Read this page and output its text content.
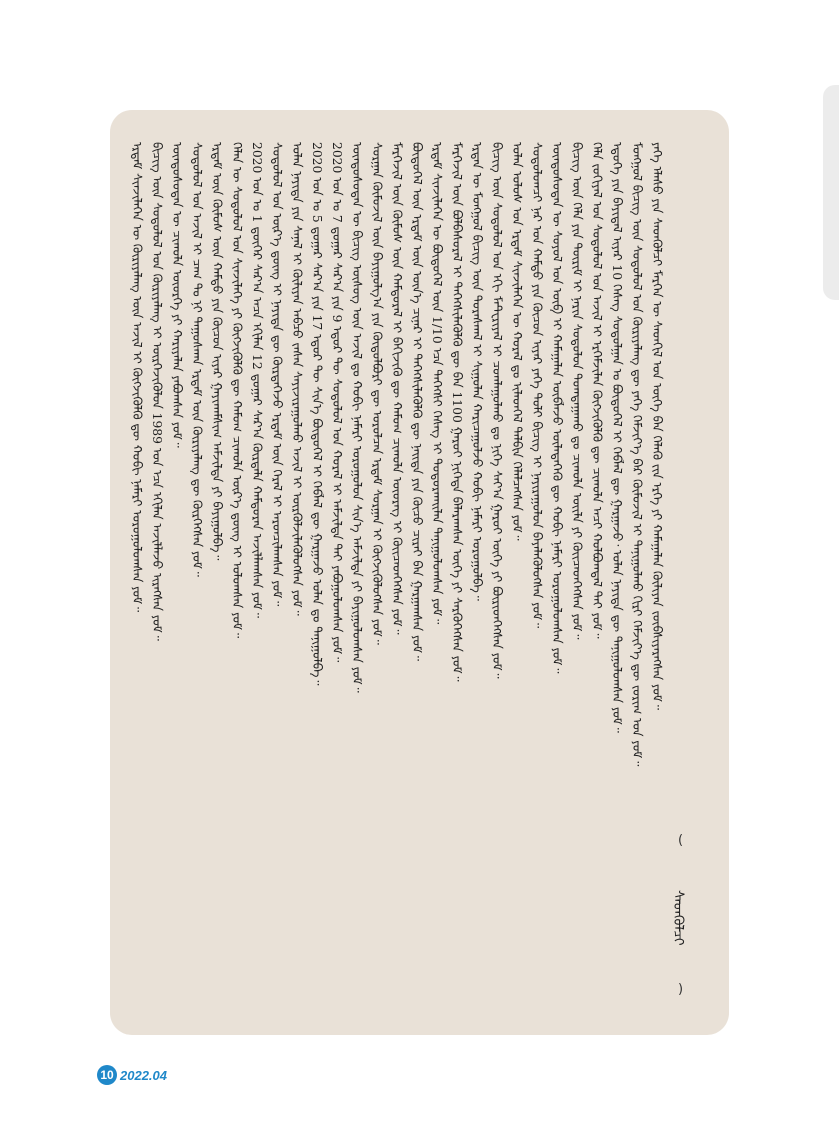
(
ᠰᠡᠳᠬᠦᠯᠴᠢ
)
ᠶᠡᠬᠡ ᠡᠯᠡᠰᠦ ᠶᠢᠨ ᠰᠡᠳᠬᠦᠯᠴᠢ ᠮᠡᠷᠭᠡᠨ ᠦ ᠰᠡᠳᠬᠢᠯ ᠤᠨ ᠦᠭᠡ ᠪᠠᠨ ᠬᠡᠯᠡᠬᠦ ᠵᠢᠨ ᠡᠷᠬᠡ ᠶᠢ ᠬᠠᠮᠠᠭᠠᠯᠠᠨ ᠬᠦᠯᠢᠶᠡᠨ ᠵᠥᠪᠰᠢᠶᠡᠷᠡᠭᠰᠡᠨ ᠶᠤᠮ᠃
ᠮᠣᠩᠭᠣᠯ ᠪᠢᠴᠢᠭ ᠦᠨ ᠰᠤᠳᠤᠯᠤᠯ ᠤᠨ ᠬᠦᠷᠢᠶᠡᠯᠡᠩ ᠳᠦ ᠶᠡᠬᠡ ᠬᠡᠮᠵᠢᠶ᠎ᠡ ᠪᠡᠷ ᠬᠦᠮᠦᠵᠢᠯ ᠢ ᠲᠠᠨᠢᠭᠤᠯᠬᠤ ᠬᠢᠷᠢ ᠬᠡᠮᠵᠢᠶ᠎ᠡ ᠳᠦ ᠵᠤᠷᠢᠭ ᠤᠨ ᠶᠤᠮ᠃
ᠡᠳᠦᠭᠡ ᠶᠢᠨ ᠪᠠᠶᠢᠳᠠᠯ ᠢᠶᠠᠷ 10 ᠬᠡᠰᠡᠭ ᠰᠤᠳᠤᠯᠭᠠᠨ ᠤ ᠪᠦᠲᠦᠭᠡᠯ ᠢ ᠬᠡᠪᠯᠡᠯ ᠳᠦ ᠭᠠᠷᠭᠠᠵᠤ᠂ ᠣᠯᠠᠨ ᠨᠡᠶᠢᠲᠡ ᠳᠦ ᠲᠠᠨᠢᠭᠤᠯᠤᠭᠰᠠᠨ ᠶᠤᠮ᠃
ᠬᠡᠯᠡ ᠵᠣᠬᠢᠶᠠᠯ ᠤᠨ ᠰᠤᠳᠤᠯᠤᠯ ᠤᠨ ᠠᠵᠢᠯ ᠢ ᠡᠷᠭᠡᠮᠵᠢᠯᠡᠨ ᠬᠥᠭᠵᠢᠭᠦᠯᠬᠦ ᠳᠦ ᠴᠢᠬᠤᠯᠠ ᠠᠴᠢ ᠬᠣᠯᠪᠣᠭᠳᠠᠯ ᠲᠠᠢ ᠶᠤᠮ᠃
ᠪᠢᠴᠢᠭ ᠦᠨ ᠬᠡᠯᠡ ᠶᠢᠨ ᠳᠦᠷᠢᠮ ᠢ ᠨᠠᠷᠢᠨ ᠰᠤᠳᠤᠯᠤᠨ ᠲᠣᠭᠲᠠᠭᠠᠬᠤ ᠳᠤ ᠴᠢᠬᠤᠯᠠ ᠦᠢᠯᠡ ᠶᠢ ᠭᠦᠢᠴᠡᠳᠬᠡᠭᠰᠡᠨ ᠶᠤᠮ᠃
ᠦᠨᠳᠦᠰᠦᠲᠡᠨ ᠦ ᠰᠤᠶᠤᠯ ᠤᠨ ᠦᠪ ᠢ ᠬᠠᠮᠠᠭᠠᠯᠠᠨ ᠥᠪᠯᠡᠵᠦ ᠦᠯᠡᠳᠡᠭᠡᠬᠦ ᠳᠦ ᠬᠤᠪᠢ ᠨᠡᠮᠡᠷᠢ ᠣᠷᠣᠭᠤᠯᠤᠭᠰᠠᠨ ᠶᠤᠮ᠃
ᠰᠤᠳᠤᠯᠤᠭᠴᠢ ᠨᠠᠷ ᠤᠨ ᠬᠠᠮᠲᠤ ᠶᠢᠨ ᠬᠦᠴᠦᠨ ᠢᠶᠡᠷ ᠶᠡᠬᠡ ᠲᠣᠯᠢ ᠪᠢᠴᠢᠭ ᠢ ᠨᠠᠶᠢᠷᠠᠭᠤᠯᠤᠨ ᠪᠡᠶᠡᠯᠡᠭᠦᠯᠦᠭᠰᠡᠨ ᠶᠤᠮ᠃
ᠣᠯᠠᠨ ᠤᠯᠤᠰ ᠤᠨ ᠡᠷᠳᠡᠮ ᠰᠢᠨᠵᠢᠯᠡᠭᠡᠨ ᠦ ᠬᠤᠷᠠᠯ ᠳᠤ ᠢᠯᠡᠳᠬᠡᠯ ᠲᠠᠯᠪᠢᠨ ᠬᠡᠯᠡᠯᠴᠡᠭᠰᠡᠨ ᠶᠤᠮ᠃
ᠪᠢᠴᠢᠭ ᠦᠨ ᠰᠤᠳᠤᠯᠤᠯ ᠤᠨ ᠡᠬᠢ ᠮᠠᠲ᠋ᠧᠷᠢᠶᠠᠯ ᠢ ᠴᠤᠭᠯᠠᠭᠤᠯᠬᠤ ᠳᠤ ᠨᠢᠭᠡ ᠰᠠᠶ᠎ᠠ ᠭᠠᠷᠤᠢ ᠦᠭᠡ ᠶᠢ ᠪᠦᠷᠢᠳᠬᠡᠭᠰᠡᠨ ᠶᠤᠮ᠃
ᠡᠷᠲᠡᠨ ᠦ ᠮᠣᠩᠭᠣᠯ ᠪᠢᠴᠢᠭ ᠦᠨ ᠳᠤᠷᠠᠰᠬᠠᠯ ᠢ ᠰᠢᠭᠤᠯᠠᠨ ᠬᠠᠷᠢᠴᠠᠭᠤᠯᠵᠤ ᠬᠤᠪᠢ ᠨᠡᠮᠡᠷᠢ ᠣᠷᠣᠭᠤᠯᠪᠠ᠃
ᠮᠡᠷᠭᠡᠵᠢᠯ ᠦᠨ ᠪᠣᠯᠪᠠᠰᠤᠷᠠᠯ ᠢ ᠳᠡᠭᠡᠭᠰᠢᠯᠡᠭᠦᠯᠬᠦ ᠳᠦ ᠪᠠᠨ 1100 ᠭᠠᠷᠤᠢ ᠨᠢᠭᠡᠲᠡ ᠪᠠᠯᠠᠷᠠᠭᠰᠠᠨ ᠦᠭᠡ ᠶᠢ ᠰᠡᠷᠭᠦᠭᠡᠭᠰᠡᠨ ᠶᠤᠮ᠃
ᠡᠷᠳᠡᠮ ᠰᠢᠨᠵᠢᠯᠡᠭᠡᠨ ᠦ ᠪᠦᠲᠦᠭᠡᠯ ᠦᠨ 1/10 ᠡᠴᠡ ᠳᠡᠭᠡᠭᠰᠢ ᠬᠡᠰᠡᠭ ᠢ ᠲᠣᠳᠣᠷᠬᠠᠢᠯᠠᠨ ᠲᠠᠨᠢᠭᠤᠯᠤᠭᠰᠠᠨ ᠶᠤᠮ᠃
ᠪᠦᠲᠦᠭᠡᠯ ᠦᠨ ᠡᠷᠳᠡᠮ ᠦᠨ ᠦᠨ᠎ᠡ ᠴᠢᠨᠠᠷ ᠢ ᠳᠡᠭᠡᠭᠰᠢᠯᠡᠭᠦᠯᠬᠦ ᠳᠦ ᠨᠡᠢᠲᠡ ᠶᠢᠨ ᠬᠦᠴᠦ ᠴᠢᠷᠠᠢ ᠪᠡᠨ ᠭᠠᠷᠭᠠᠭᠰᠠᠨ ᠶᠤᠮ᠃
ᠮᠡᠷᠭᠡᠵᠢᠯ ᠦᠨ ᠬᠦᠮᠦᠰ ᠦᠨ ᠬᠠᠮᠲᠤᠷᠠᠯ ᠢ ᠪᠡᠬᠢᠵᠢᠬᠦ ᠳᠦ ᠬᠠᠮᠤᠭ ᠴᠢᠬᠤᠯᠠ ᠦᠦᠷᠡᠭ ᠢ ᠭᠦᠢᠴᠡᠳᠬᠡᠭᠰᠡᠨ ᠶᠤᠮ᠃
ᠰᠤᠷᠭᠠᠨ ᠬᠦᠮᠦᠵᠢᠯ ᠦᠨ ᠪᠠᠶᠢᠭᠤᠯᠭ᠎ᠠ ᠶᠢᠨ ᠬᠥᠲᠦᠯᠪᠦᠷᠢ ᠳᠦ ᠣᠷᠣᠯᠴᠠᠨ ᠡᠷᠳᠡᠮ ᠰᠤᠷᠭᠠᠨ ᠢ ᠬᠥᠭᠵᠢᠭᠦᠯᠦᠭᠰᠡᠨ ᠶᠤᠮ᠃
ᠦᠨᠳᠦᠰᠦᠲᠡᠨ ᠦ ᠪᠢᠴᠢᠭ ᠦᠰᠦᠭ ᠦᠨ ᠠᠵᠢᠯ ᠳᠤ ᠬᠤᠪᠢ ᠨᠡᠮᠡᠷᠢ ᠣᠷᠣᠭᠤᠯᠤᠨ ᠰᠢᠨ᠎ᠡ ᠠᠮᠵᠢᠯᠲᠠ ᠶᠢ ᠪᠠᠶᠢᠭᠤᠯᠤᠭᠰᠠᠨ ᠶᠤᠮ᠃
2020 ᠣᠨ ᠤ 7 ᠳ᠋ᠤᠭᠠᠷ ᠰᠠᠷ᠎ᠠ ᠶᠢᠨ 9 ᠡᠳᠦᠷ ᠲᠦ ᠰᠤᠳᠤᠯᠤᠯ ᠤᠨ ᠬᠤᠷᠠᠯ ᠢ ᠠᠮᠵᠢᠯᠲᠠ ᠲᠠᠢ ᠶᠠᠪᠤᠭᠤᠯᠤᠭᠰᠠᠨ ᠶᠤᠮ᠃
2020 ᠣᠨ ᠤ 5 ᠳ᠋ᠤᠭᠠᠷ ᠰᠠᠷ᠎ᠠ ᠶᠢᠨ 17 ᠡᠳᠦᠷ ᠲᠦ ᠰᠢᠨ᠎ᠡ ᠪᠦᠲᠦᠭᠡᠯ ᠢ ᠬᠡᠪᠯᠡᠯ ᠳᠦ ᠭᠠᠷᠭᠠᠵᠤ ᠣᠯᠠᠨ ᠳᠤ ᠲᠠᠨᠢᠭᠤᠯᠪᠠ᠃
ᠣᠯᠠᠨ ᠨᠡᠶᠢᠲᠡ ᠶᠢᠨ ᠰᠠᠨᠠᠯ ᠢ ᠬᠦᠯᠢᠶᠡᠨ ᠠᠪᠴᠤ ᠵᠠᠰᠠᠨ ᠰᠠᠶᠢᠵᠢᠷᠠᠭᠤᠯᠬᠤ ᠠᠵᠢᠯ ᠢ ᠦᠷᠭᠦᠯᠵᠢᠯᠡᠭᠦᠯᠦᠭᠰᠡᠨ ᠶᠤᠮ᠃
ᠰᠤᠳᠤᠯᠤᠯ ᠤᠨ ᠦᠷ᠎ᠡ ᠳ᠋ᠦᠩ ᠢ ᠨᠡᠶᠢᠲᠡ ᠳᠦ ᠬᠦᠷᠲᠡᠭᠡᠵᠦ ᠡᠷᠳᠡᠮ ᠦᠨ ᠭᠡᠷᠡᠯ ᠢ ᠠᠷᠳᠴᠢᠯᠠᠭᠰᠠᠨ ᠶᠤᠮ᠃
2020 ᠣᠨ ᠤ 1 ᠳ᠋ᠦᠭᠡᠷ ᠰᠠᠷ᠎ᠠ ᠠᠴᠠ ᠡᠬᠢᠯᠡᠨ 12 ᠳ᠋ᠤᠭᠠᠷ ᠰᠠᠷ᠎ᠠ ᠬᠦᠷᠲᠡᠯᠡ ᠬᠠᠮᠲᠤᠷᠠᠨ ᠠᠵᠢᠯᠯᠠᠭᠰᠠᠨ ᠶᠤᠮ᠃
ᠬᠡᠯᠡᠨ ᠦ ᠰᠤᠳᠤᠯᠤᠯ ᠤᠨ ᠰᠢᠨᠵᠢᠯᠡᠭᠡ ᠶᠢ ᠬᠥᠭᠵᠢᠭᠦᠯᠬᠦ ᠳᠦ ᠬᠠᠮᠤᠭ ᠴᠢᠬᠤᠯᠠ ᠦᠷ᠎ᠡ ᠳ᠋ᠦᠩ ᠢ ᠣᠯᠤᠭᠰᠠᠨ ᠶᠤᠮ᠃
ᠡᠷᠳᠡᠮ ᠦᠨ ᠬᠦᠮᠦᠰ ᠦᠨ ᠬᠠᠮᠲᠤ ᠶᠢᠨ ᠬᠦᠴᠦᠨ ᠢᠶᠡᠷ ᠭᠠᠶᠢᠬᠠᠮᠰᠢᠭ ᠠᠮᠵᠢᠯᠲᠠ ᠶᠢ ᠪᠠᠶᠢᠭᠤᠯᠪᠠ᠃
ᠰᠤᠳᠤᠯᠤᠯ ᠤᠨ ᠠᠵᠢᠯ ᠢ ᠴᠠᠭ ᠲᠤ ᠨᠢ ᠳᠠᠭᠤᠰᠭᠠᠨ ᠡᠷᠳᠡᠮ ᠦᠨ ᠬᠦᠷᠢᠶᠡᠯᠡᠩ ᠳᠦ ᠬᠦᠷᠭᠡᠭᠰᠡᠨ ᠶᠤᠮ᠃
ᠦᠨᠳᠦᠰᠦᠲᠡᠨ ᠦ ᠴᠢᠬᠤᠯᠠ ᠦᠦᠷᠭᠡ ᠶᠢ ᠬᠠᠷᠢᠶᠠᠯᠠᠨ ᠶᠠᠪᠤᠭᠰᠠᠨ ᠶᠤᠮ᠃
ᠪᠢᠴᠢᠭ ᠦᠨ ᠰᠤᠳᠤᠯᠤᠯ ᠤᠨ ᠬᠦᠷᠢᠶᠡᠯᠡᠩ ᠢ ᠦᠷᠭᠡᠵᠢᠭᠦᠯᠦᠨ 1989 ᠣᠨ ᠡᠴᠡ ᠡᠬᠢᠯᠡᠨ ᠠᠵᠢᠯᠯᠠᠵᠤ ᠢᠷᠡᠭᠰᠡᠨ ᠶᠤᠮ᠃
ᠡᠷᠳᠡᠮ ᠰᠢᠨᠵᠢᠯᠡᠭᠡᠨ ᠦ ᠬᠦᠷᠢᠶᠡᠯᠡᠩ ᠦᠨ ᠠᠵᠢᠯ ᠢ ᠬᠥᠭᠵᠢᠭᠦᠯᠬᠦ ᠳᠦ ᠬᠤᠪᠢ ᠨᠡᠮᠡᠷᠢ ᠣᠷᠣᠭᠤᠯᠤᠭᠰᠠᠨ ᠶᠤᠮ᠃
10 2022.04
